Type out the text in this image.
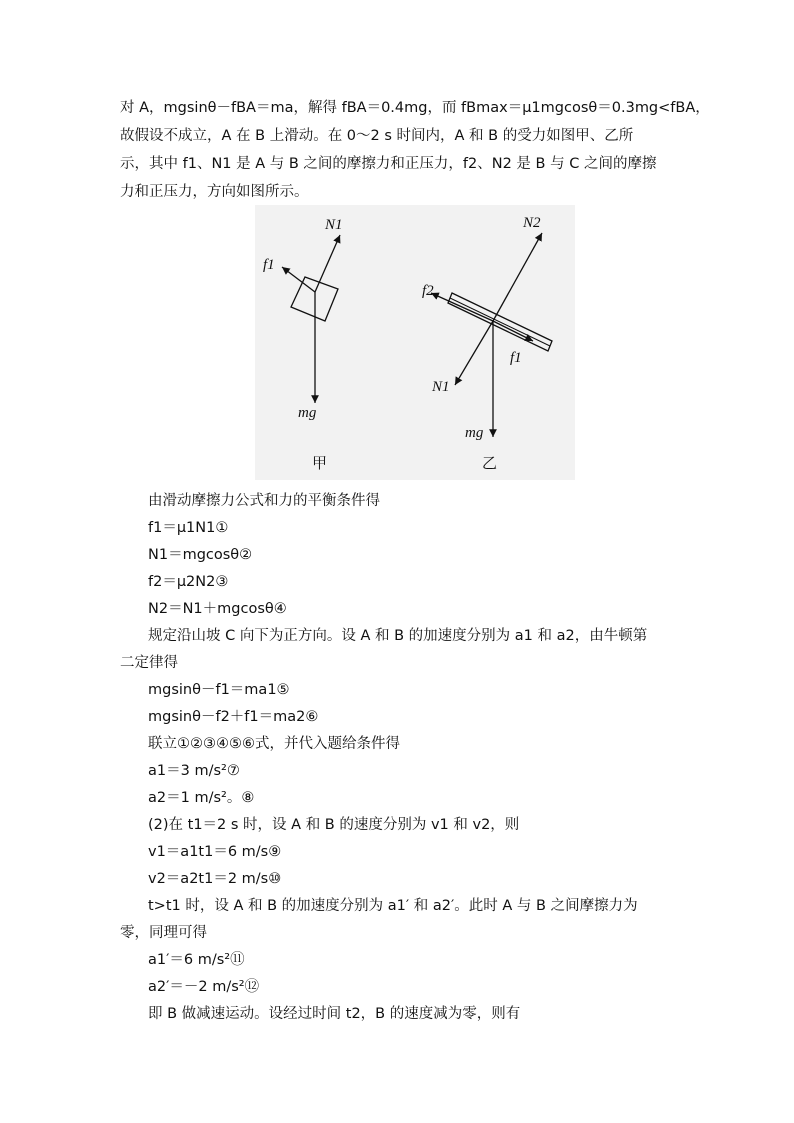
对 A，mgsinθ－fBA＝ma，解得 fBA＝0.4mg，而 fBmax＝μ1mgcosθ＝0.3mg<fBA，
故假设不成立，A 在 B 上滑动。在 0～2 s 时间内，A 和 B 的受力如图甲、乙所
示，其中 f1、N1 是 A 与 B 之间的摩擦力和正压力，f2、N2 是 B 与 C 之间的摩擦
力和正压力，方向如图所示。
N1
f1
mg
N2
f2
f1
N1
mg
甲	乙
由滑动摩擦力公式和力的平衡条件得
f1＝μ1N1①
N1＝mgcosθ②
f2＝μ2N2③
N2＝N1＋mgcosθ④
规定沿山坡 C 向下为正方向。设 A 和 B 的加速度分别为 a1 和 a2，由牛顿第
二定律得
mgsinθ－f1＝ma1⑤
mgsinθ－f2＋f1＝ma2⑥
联立①②③④⑤⑥式，并代入题给条件得
a1＝3 m/s²⑦
a2＝1 m/s²。⑧
(2)在 t1＝2 s 时，设 A 和 B 的速度分别为 v1 和 v2，则
v1＝a1t1＝6 m/s⑨
v2＝a2t1＝2 m/s⑩
t>t1 时，设 A 和 B 的加速度分别为 a1′ 和 a2′。此时 A 与 B 之间摩擦力为
零，同理可得
a1′＝6 m/s²⑪
a2′＝－2 m/s²⑫
即 B 做减速运动。设经过时间 t2，B 的速度减为零，则有
